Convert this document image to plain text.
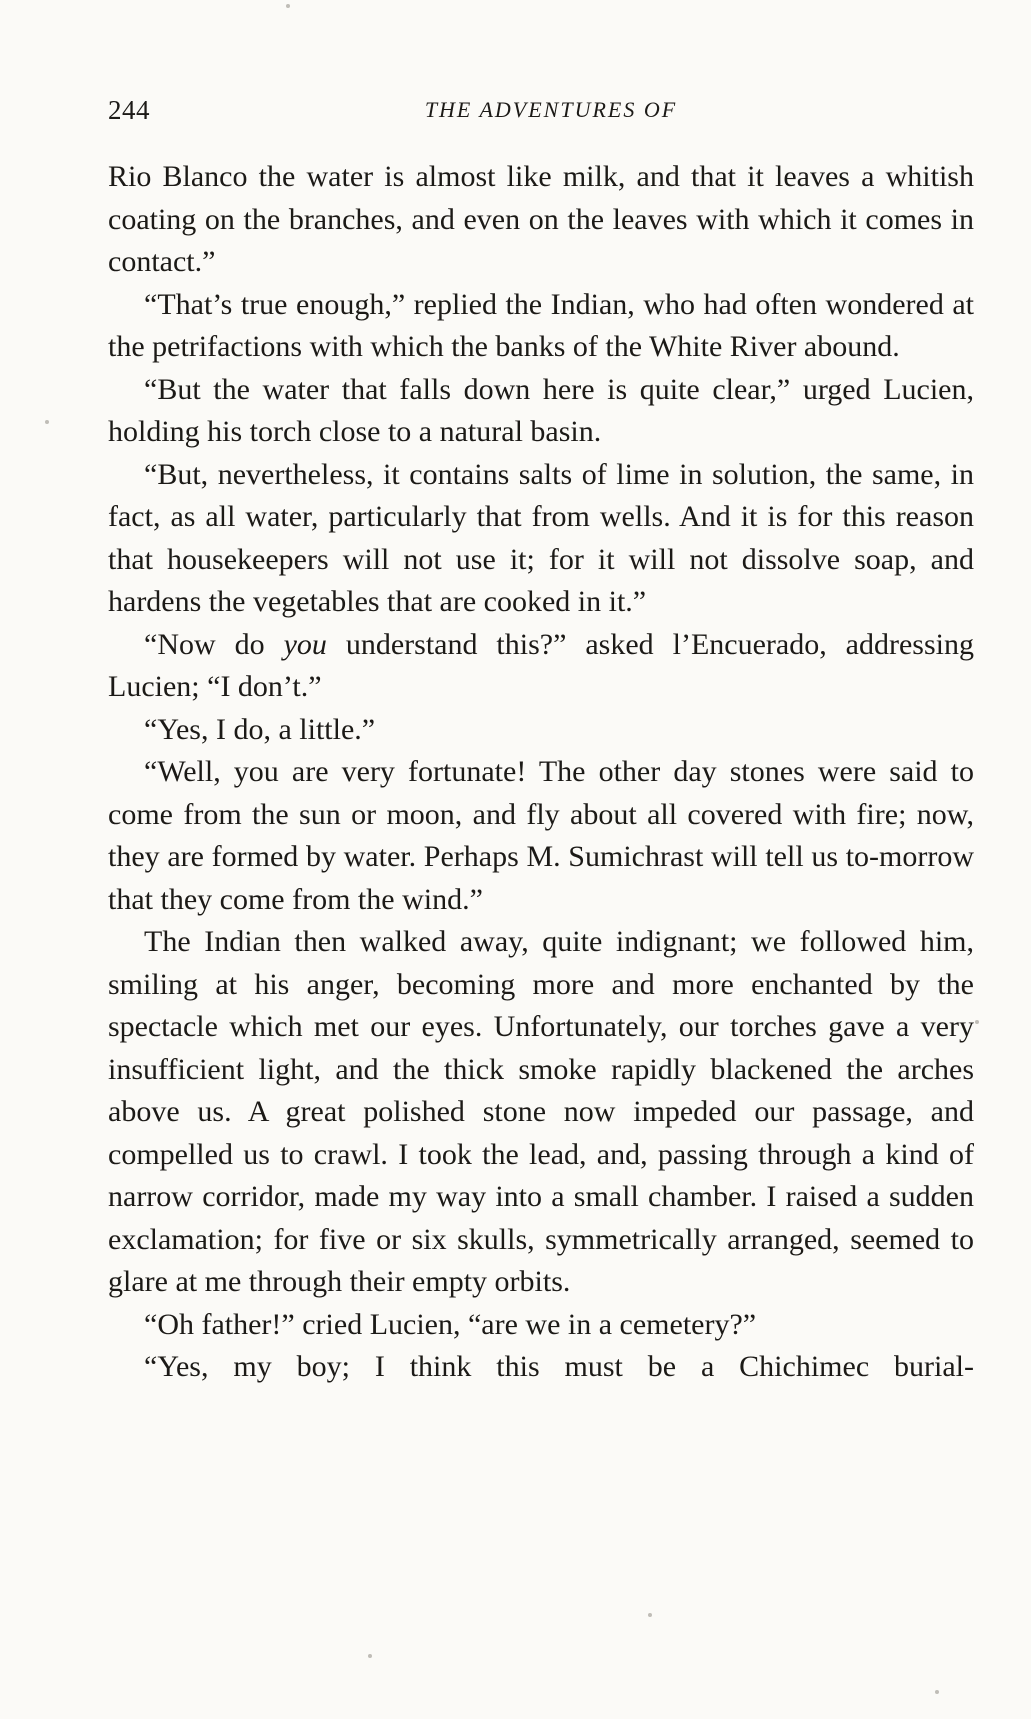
244	THE ADVENTURES OF

Rio Blanco the water is almost like milk, and that it leaves a whitish coating on the branches, and even on the leaves with which it comes in contact.”

“That’s true enough,” replied the Indian, who had often wondered at the petrifactions with which the banks of the White River abound.

“But the water that falls down here is quite clear,” urged Lucien, holding his torch close to a natural basin.

“But, nevertheless, it contains salts of lime in solution, the same, in fact, as all water, particularly that from wells. And it is for this reason that housekeepers will not use it; for it will not dissolve soap, and hardens the vegetables that are cooked in it.”

“Now do you understand this?” asked l’Encuerado, addressing Lucien; “I don’t.”

“Yes, I do, a little.”

“Well, you are very fortunate! The other day stones were said to come from the sun or moon, and fly about all covered with fire; now, they are formed by water. Perhaps M. Sumichrast will tell us to-morrow that they come from the wind.”

The Indian then walked away, quite indignant; we followed him, smiling at his anger, becoming more and more enchanted by the spectacle which met our eyes. Unfortunately, our torches gave a very insufficient light, and the thick smoke rapidly blackened the arches above us. A great polished stone now impeded our passage, and compelled us to crawl. I took the lead, and, passing through a kind of narrow corridor, made my way into a small chamber. I raised a sudden exclamation; for five or six skulls, symmetrically arranged, seemed to glare at me through their empty orbits.

“Oh father!” cried Lucien, “are we in a cemetery?”

“Yes, my boy; I think this must be a Chichimec burial-
